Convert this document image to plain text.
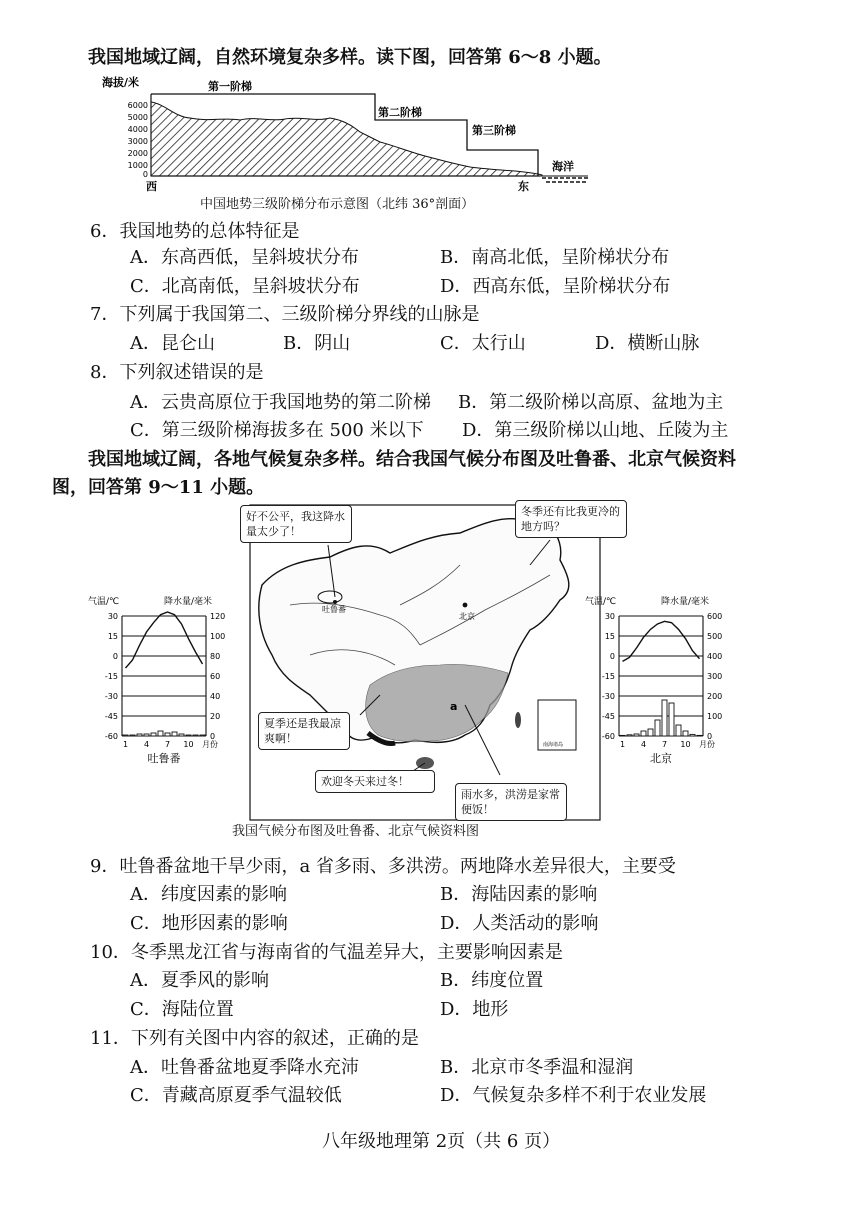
我国地域辽阔，自然环境复杂多样。读下图，回答第 6～8 小题。
海拔/米
6000
5000
4000
3000
2000
1000
0
第一阶梯
第二阶梯
第三阶梯
海洋
西	东
中国地势三级阶梯分布示意图（北纬 36°剖面）
6．我国地势的总体特征是
A．东高西低，呈斜坡状分布	B．南高北低，呈阶梯状分布
C．北高南低，呈斜坡状分布	D．西高东低，呈阶梯状分布
7．下列属于我国第二、三级阶梯分界线的山脉是
A．昆仑山	B．阴山	C．太行山	D．横断山脉
8．下列叙述错误的是
A．云贵高原位于我国地势的第二阶梯 B．第二级阶梯以高原、盆地为主
C．第三级阶梯海拔多在 500 米以下 D．第三级阶梯以山地、丘陵为主
我国地域辽阔，各地气候复杂多样。结合我国气候分布图及吐鲁番、北京气候资料
图，回答第 9～11 小题。
吐鲁番
北京
a
南海诸岛
好不公平，我这降水量太少了！
冬季还有比我更冷的地方吗？
夏季还是我最凉爽啊！
欢迎冬天来过冬！
雨水多，洪涝是家常便饭！
我国气候分布图及吐鲁番、北京气候资料图
气温/℃	降水量/毫米
30	120
15	100
0	80
-15	60
-30	40
-45	20
-60	0
1 4 7 10 月份
吐鲁番
气温/℃	降水量/毫米
30	600
15	500
0	400
-15	300
-30	200
-45	100
-60	0
1 4 7 10 月份
北京
9．吐鲁番盆地干旱少雨，a 省多雨、多洪涝。两地降水差异很大，主要受
A．纬度因素的影响	B．海陆因素的影响
C．地形因素的影响	D．人类活动的影响
10．冬季黑龙江省与海南省的气温差异大，主要影响因素是
A．夏季风的影响	B．纬度位置
C．海陆位置	D．地形
11．下列有关图中内容的叙述，正确的是
A．吐鲁番盆地夏季降水充沛	B．北京市冬季温和湿润
C．青藏高原夏季气温较低	D．气候复杂多样不利于农业发展
八年级地理第 2页（共 6 页）
